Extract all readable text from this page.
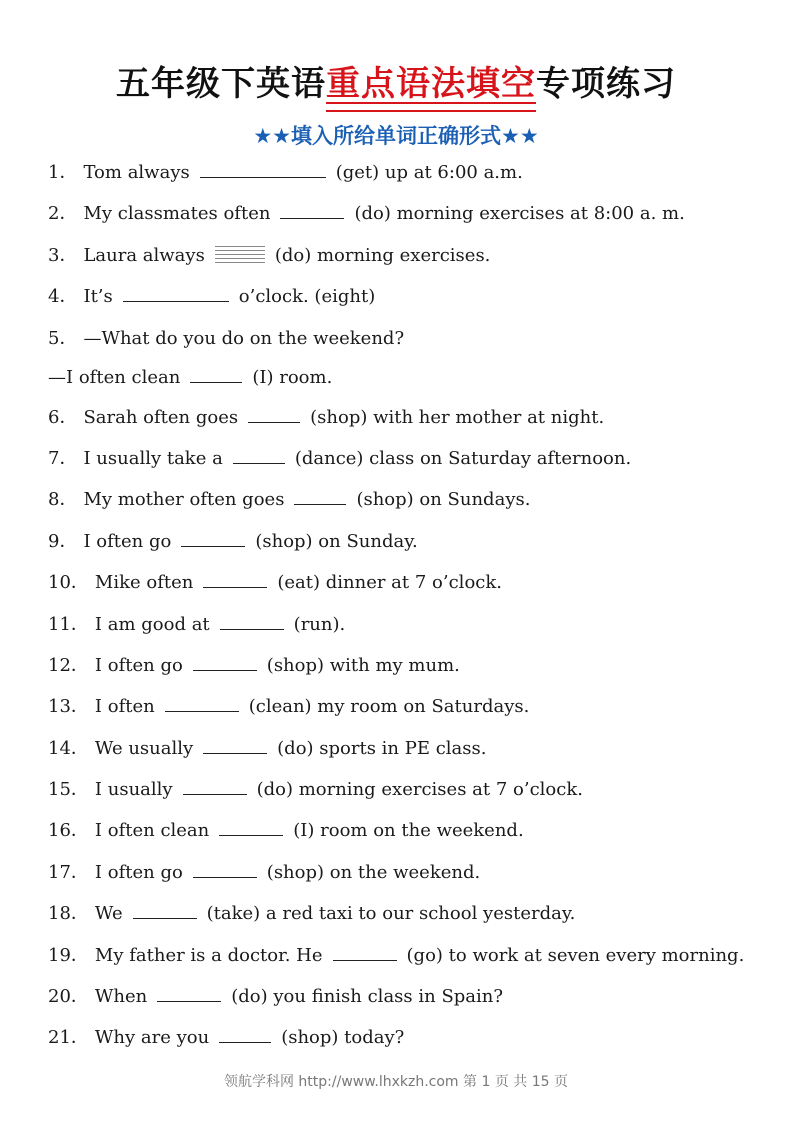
五年级下英语重点语法填空专项练习
★★填入所给单词正确形式★★
1． Tom always	(get) up at 6:00 a.m.
2． My classmates often	(do) morning exercises at 8:00 a. m.
3． Laura always	(do) morning exercises.
4． It’s	o’clock. (eight)
5． —What do you do on the weekend?
—I often clean	(I) room.
6． Sarah often goes	(shop) with her mother at night.
7． I usually take a	(dance) class on Saturday afternoon.
8． My mother often goes	(shop) on Sundays.
9． I often go	(shop) on Sunday.
10． Mike often	(eat) dinner at 7 o’clock.
11． I am good at	(run).
12． I often go	(shop) with my mum.
13． I often	(clean) my room on Saturdays.
14． We usually	(do) sports in PE class.
15． I usually	(do) morning exercises at 7 o’clock.
16． I often clean	(I) room on the weekend.
17． I often go	(shop) on the weekend.
18． We	(take) a red taxi to our school yesterday.
19． My father is a doctor. He	(go) to work at seven every morning.
20． When	(do) you finish class in Spain?
21． Why are you	(shop) today?
领航学科网 http://www.lhxkzh.com 第 1 页 共 15 页
